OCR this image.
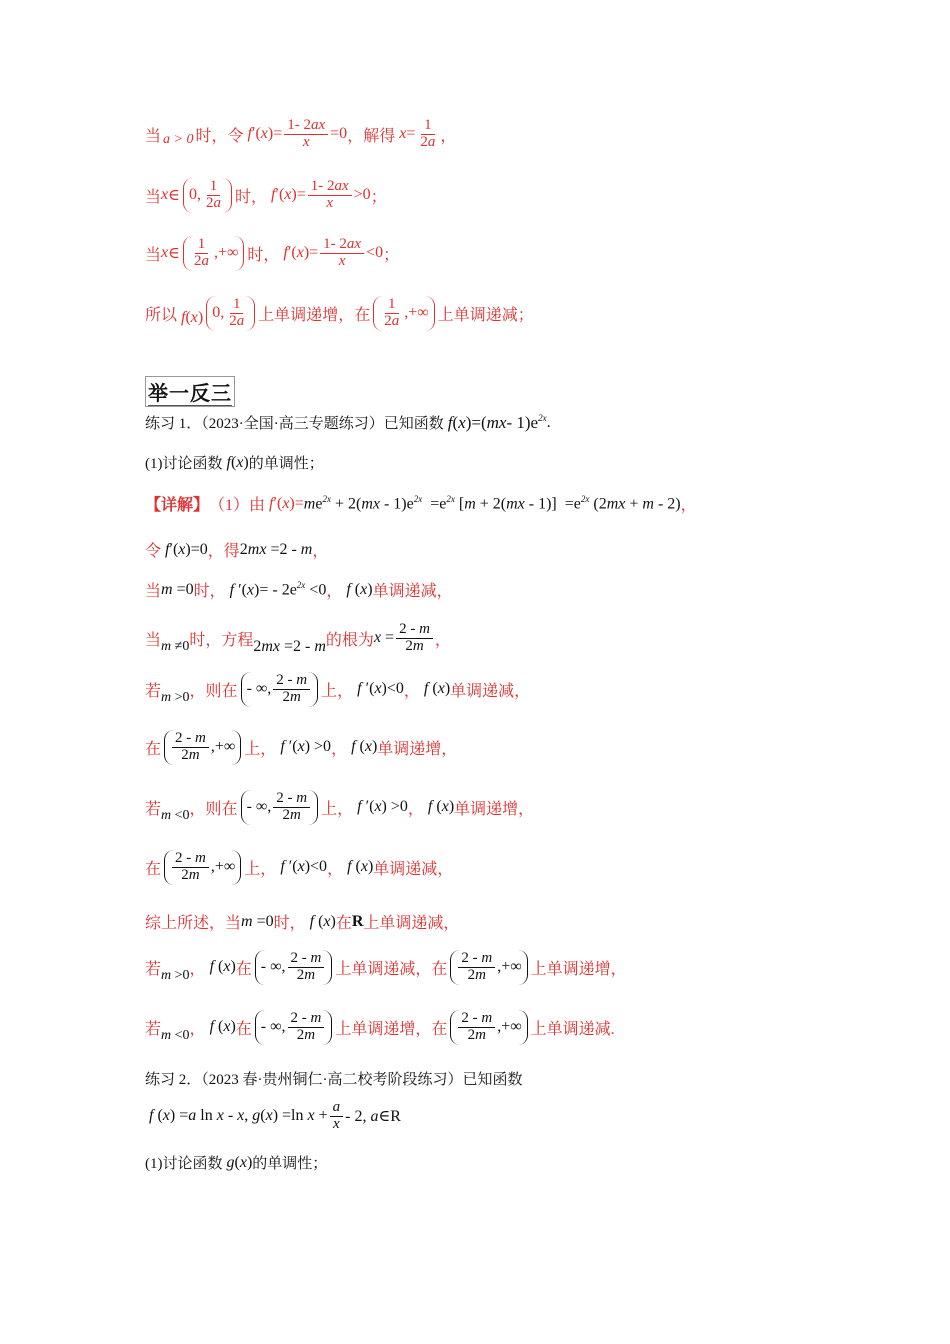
当 a > 0 时，令 f ′( x )= $\frac{1- 2ax}{x} =0$ ，解得 $x = \frac{1}{2a}$ ，
当 x ∈ 0, $\frac{1}{2a}$ 时， f ′( x )= $\frac{1- 2ax}{x} >0$ ；
当 x ∈ $\frac{1}{2a}$ ,+∞ 时， f ′( x )= $\frac{1- 2ax}{x} <0$ ；
所以 f ( x ) 0, $\frac{1}{2a}$ 上单调递增，在 $\frac{1}{2a}$ ,+∞ 上单调递减；
举一反三
练习 1．（2023·全国·高三专题练习）已知函数 f ( x )=( mx - 1)e $^{2x}$ .
(1)讨论函数 f ( x ) 的单调性；
【详解】 （1）由 f ′( x )= $me^{2x} + 2(mx - 1)e^{2x} =e^{2x}$ $[m + 2(mx - 1)] =e^{2x}$ (2mx + m - 2) ，
令 f ′( x )=0 ，得 2mx =2 - m ，
当 m =0 时， f $'(x)= - 2e^{2x} <0$ ， f (x) 单调递减，
当 m ≠0 时，方程 2mx =2 - m 的根为 $x = \frac{2 - m}{2m}$ ，
若 m >0 ，则在 - ∞, $\frac{2 - m}{2m}$ 上， f ′(x)<0 ， f (x) 单调递减，
在 $\frac{2 - m}{2m}$ ,+∞ 上， f ′(x) >0 ， f (x) 单调递增，
若 m <0 ，则在 - ∞, $\frac{2 - m}{2m}$ 上， f ′(x) >0 ， f (x) 单调递增，
在 $\frac{2 - m}{2m}$ ,+∞ 上， f ′(x)<0 ， f (x) 单调递减，
综上所述，当 m =0 时， f (x) 在 R 上单调递减，
若 m >0 ， f (x) 在 - ∞, $\frac{2 - m}{2m}$ 上单调递减，在 $\frac{2 - m}{2m}$ ,+∞ 上单调递增，
若 m <0 ， f (x) 在 - ∞, $\frac{2 - m}{2m}$ 上单调递增，在 $\frac{2 - m}{2m}$ ,+∞ 上单调递减.
练习 2．（2023 春·贵州铜仁·高二校考阶段练习）已知函数
f (x) =a ln x - x, g(x) =ln $x + \frac{a}{x} - 2$, a∈R
(1)讨论函数 g ( x ) 的单调性；
